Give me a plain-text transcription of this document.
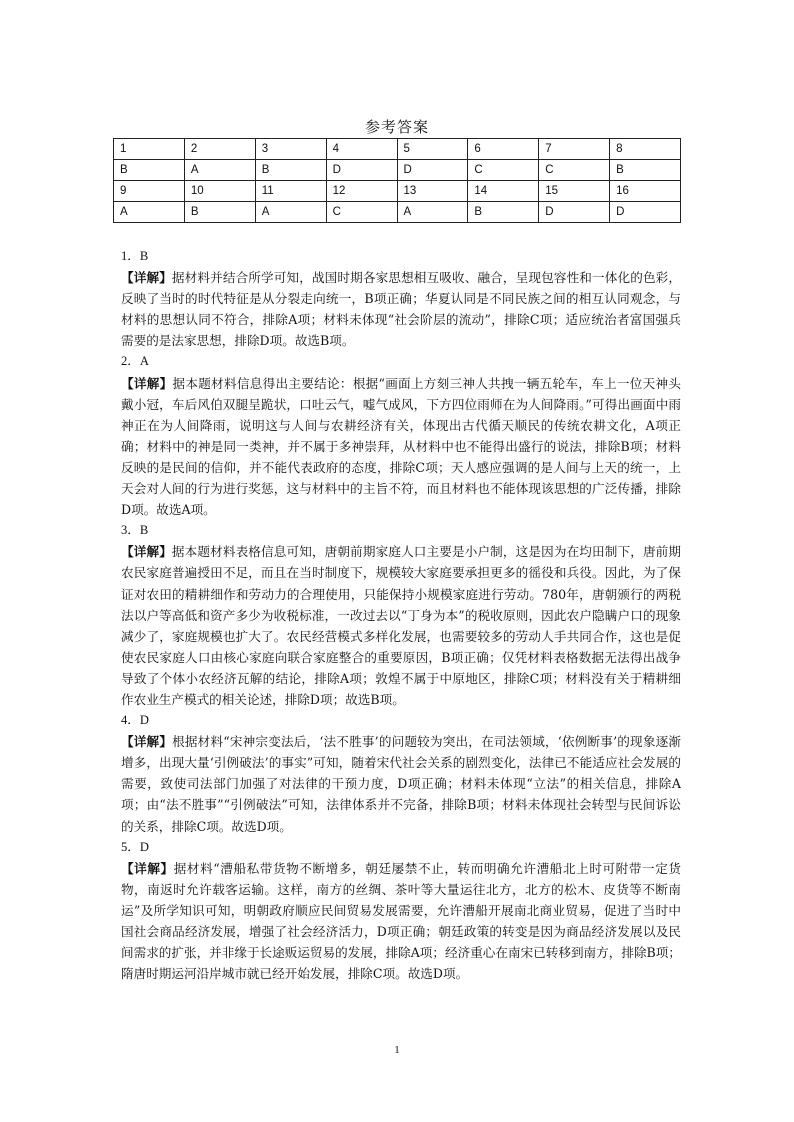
参考答案
1	2	3	4	5	6	7	8
B	A	B	D	D	C	C	B
9	10	11	12	13	14	15	16
A	B	A	C	A	B	D	D
1．B

【详解】据材料并结合所学可知，战国时期各家思想相互吸收、融合，呈现包容性和一体化的色彩，反映了当时的时代特征是从分裂走向统一，B项正确；华夏认同是不同民族之间的相互认同观念，与材料的思想认同不符合，排除A项；材料未体现“社会阶层的流动”，排除C项；适应统治者富国强兵需要的是法家思想，排除D项。故选B项。

2．A

【详解】据本题材料信息得出主要结论：根据“画面上方刻三神人共拽一辆五轮车，车上一位天神头戴小冠，车后风伯双腿呈跪状，口吐云气，嘘气成风，下方四位雨师在为人间降雨。”可得出画面中雨神正在为人间降雨，说明这与人间与农耕经济有关，体现出古代循天顺民的传统农耕文化，A项正确；材料中的神是同一类神，并不属于多神崇拜，从材料中也不能得出盛行的说法，排除B项；材料反映的是民间的信仰，并不能代表政府的态度，排除C项；天人感应强调的是人间与上天的统一，上天会对人间的行为进行奖惩，这与材料中的主旨不符，而且材料也不能体现该思想的广泛传播，排除D项。故选A项。

3．B

【详解】据本题材料表格信息可知，唐朝前期家庭人口主要是小户制，这是因为在均田制下，唐前期农民家庭普遍授田不足，而且在当时制度下，规模较大家庭要承担更多的徭役和兵役。因此，为了保证对农田的精耕细作和劳动力的合理使用，只能保持小规模家庭进行劳动。780年，唐朝颁行的两税法以户等高低和资产多少为收税标准，一改过去以“丁身为本”的税收原则，因此农户隐瞒户口的现象减少了，家庭规模也扩大了。农民经营模式多样化发展，也需要较多的劳动人手共同合作，这也是促使农民家庭人口由核心家庭向联合家庭整合的重要原因，B项正确；仅凭材料表格数据无法得出战争导致了个体小农经济瓦解的结论，排除A项；敦煌不属于中原地区，排除C项；材料没有关于精耕细作农业生产模式的相关论述，排除D项；故选B项。

4．D

【详解】根据材料“宋神宗变法后，‘法不胜事’的问题较为突出，在司法领域，‘依例断事’的现象逐渐增多，出现大量‘引例破法’的事实”可知，随着宋代社会关系的剧烈变化，法律已不能适应社会发展的需要，致使司法部门加强了对法律的干预力度，D项正确；材料未体现“立法”的相关信息，排除A项；由“法不胜事”“引例破法”可知，法律体系并不完备，排除B项；材料未体现社会转型与民间诉讼的关系，排除C项。故选D项。

5．D

【详解】据材料“漕船私带货物不断增多，朝廷屡禁不止，转而明确允许漕船北上时可附带一定货物，南返时允许载客运输。这样，南方的丝绸、茶叶等大量运往北方，北方的松木、皮货等不断南运”及所学知识可知，明朝政府顺应民间贸易发展需要，允许漕船开展南北商业贸易，促进了当时中国社会商品经济发展，增强了社会经济活力，D项正确；朝廷政策的转变是因为商品经济发展以及民间需求的扩张，并非缘于长途贩运贸易的发展，排除A项；经济重心在南宋已转移到南方，排除B项；隋唐时期运河沿岸城市就已经开始发展，排除C项。故选D项。

1
